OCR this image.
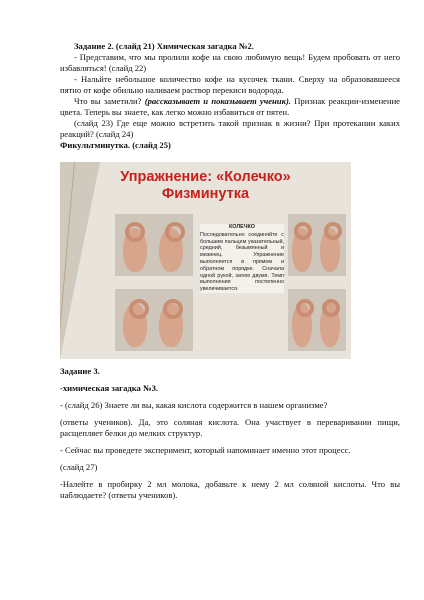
Задание 2. (слайд 21) Химическая загадка №2.

- Представим, что мы пролили кофе на свою любимую вещь! Будем пробовать от него избавляться! (слайд 22)

- Нальйте небольшое количество кофе на кусочек ткани. Сверху на образовавшееся пятно от кофе обильно наливаем раствор перекиси водорода.

Что вы заметили? (рассказывает и показывает ученик). Признак реакции-изменение цвета. Теперь вы знаете, как легко можно избавиться от пятен.

(слайд 23) Где еще можно встретить такой признак в жизни? При протекании каких реакций? (слайд 24)

Фикультминутка. (слайд 25)

Упражнение: «Колечко»
Физминутка
КОЛЕЧКО
Последовательно соединяйте с большим пальцем указательный, средний, безымянный и мизинец. Упражнение выполняется в прямом и обратном порядке. Сначала одной рукой, затем двумя. Темп выполнения постепенно увеличивается.

Задание 3.

-химическая загадка №3.

- (слайд 26) Знаете ли вы, какая кислота содержится в нашем организме?

(ответы учеников). Да, это соляная кислота. Она участвует в переваривании пищи, расщепляет белки до мелких структур.

- Сейчас вы проведете эксперимент, который напоминает именно этот процесс.

(слайд 27)

-Налейте в пробирку 2 мл молока, добавьте к нему 2 мл соляной кислоты. Что вы наблюдаете? (ответы учеников).
